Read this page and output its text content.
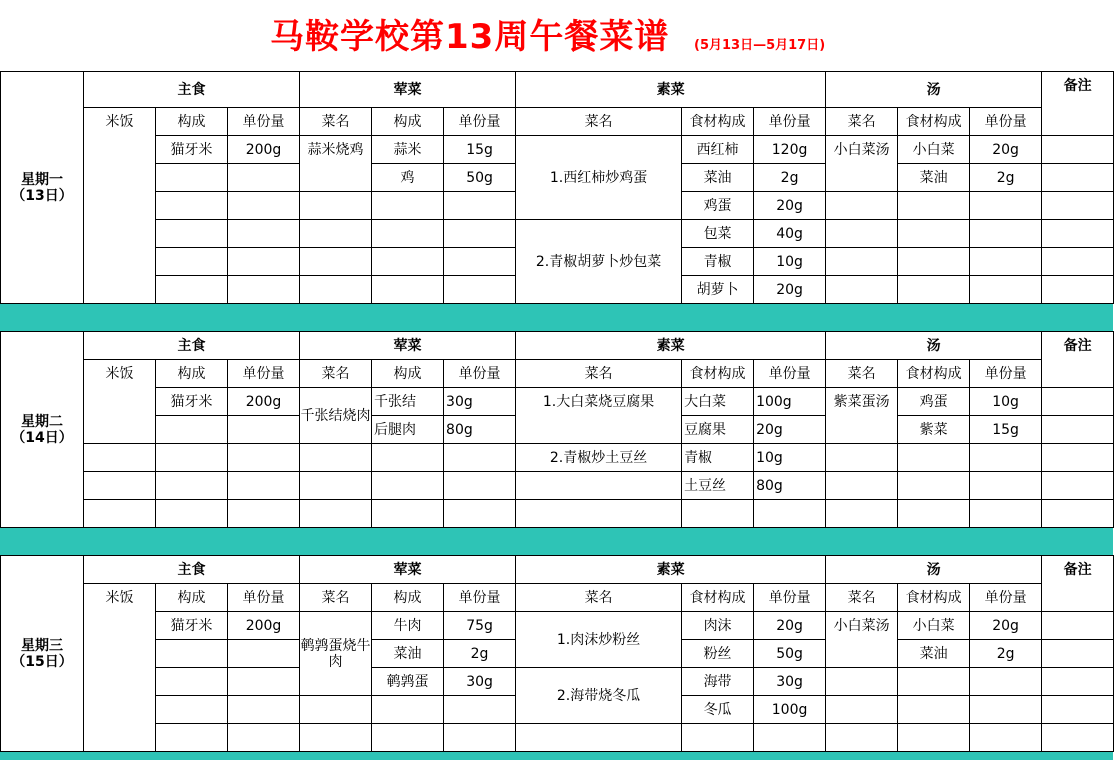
马鞍学校第13周午餐菜谱 (5月13日—5月17日)
星期一
（13日）	主食			荤菜			素菜			汤			备注
	米饭	构成	单份量	菜名	构成	单份量	菜名	食材构成	单份量	菜名	食材构成	单份量	
		猫牙米	200g	蒜米烧鸡	蒜米	15g	1.西红柿炒鸡蛋	西红柿	120g	小白菜汤	小白菜	20g	
					鸡	50g		菜油	2g		菜油	2g	
								鸡蛋	20g				
							2.青椒胡萝卜炒包菜	包菜	40g				
								青椒	10g				
								胡萝卜	20g				
星期二
（14日）	主食			荤菜			素菜			汤			备注
	米饭	构成	单份量	菜名	构成	单份量	菜名	食材构成	单份量	菜名	食材构成	单份量	
		猫牙米	200g	千张结烧肉	千张结	30g	1.大白菜烧豆腐果	大白菜	100g	紫菜蛋汤	鸡蛋	10g	
					后腿肉	80g		豆腐果	20g		紫菜	15g	
							2.青椒炒土豆丝	青椒	10g				
								土豆丝	80g				

星期三
（15日）	主食			荤菜			素菜			汤			备注
	米饭	构成	单份量	菜名	构成	单份量	菜名	食材构成	单份量	菜名	食材构成	单份量	
		猫牙米	200g	鹌鹑蛋烧牛肉	牛肉	75g	1.肉沫炒粉丝	肉沫	20g	小白菜汤	小白菜	20g	
					菜油	2g		粉丝	50g		菜油	2g	
					鹌鹑蛋	30g	2.海带烧冬瓜	海带	30g				
								冬瓜	100g				
